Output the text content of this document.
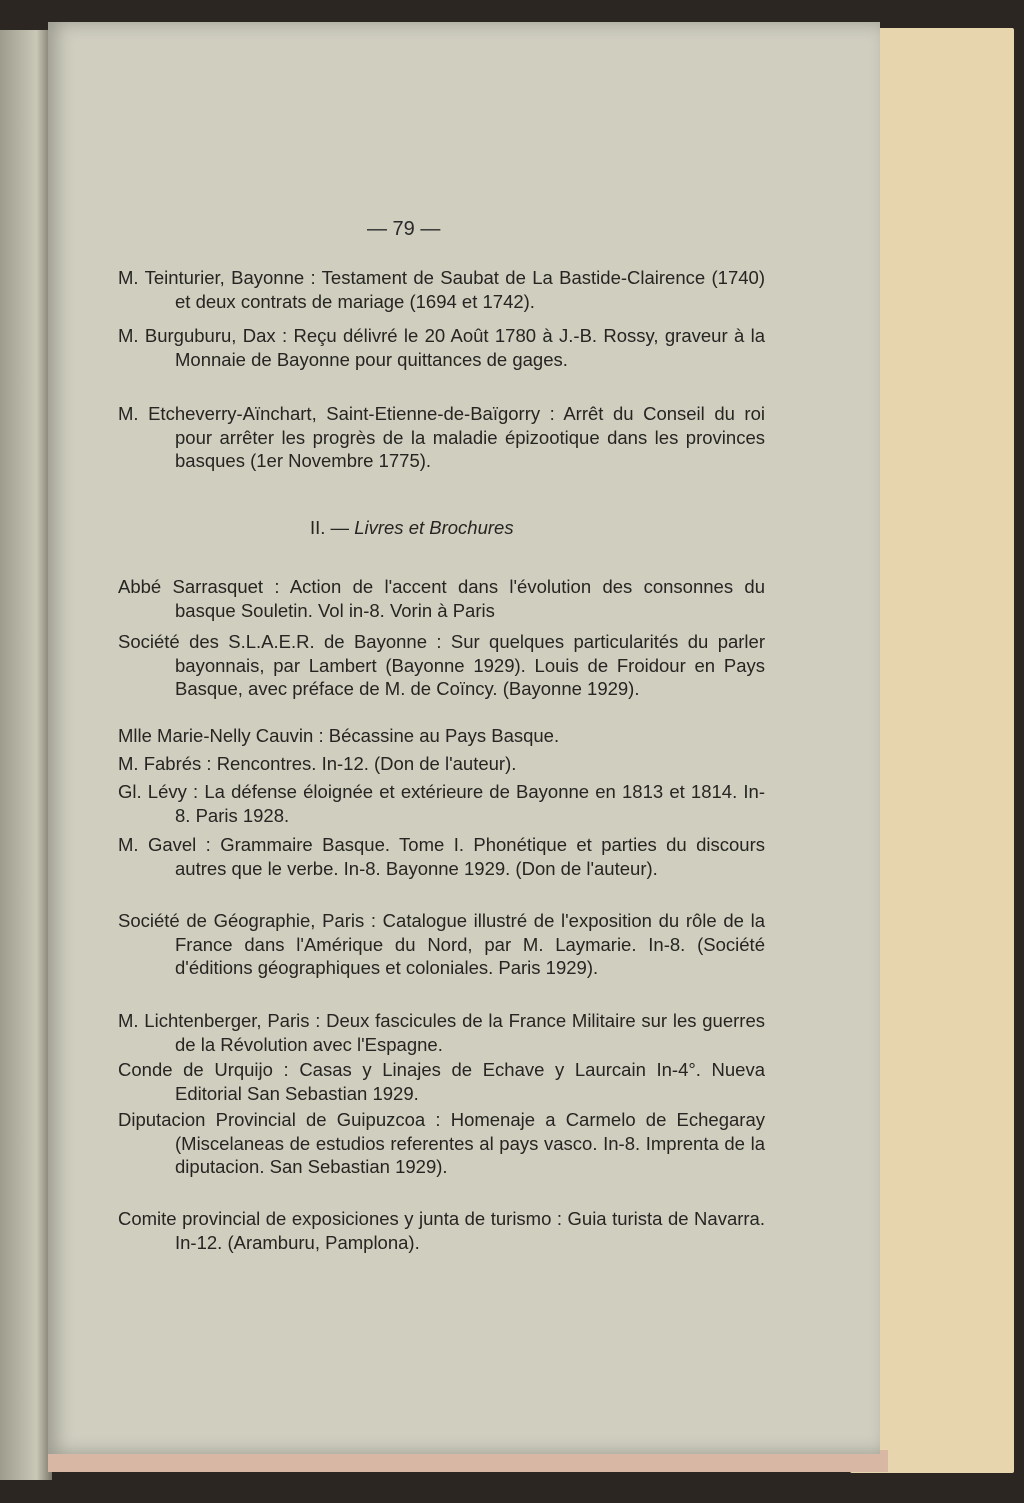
— 79 —
M. Teinturier, Bayonne : Testament de Saubat de La Bastide-Clairence (1740) et deux contrats de mariage (1694 et 1742).
M. Burguburu, Dax : Reçu délivré le 20 Août 1780 à J.-B. Rossy, graveur à la Monnaie de Bayonne pour quittances de gages.
M. Etcheverry-Aïnchart, Saint-Etienne-de-Baïgorry : Arrêt du Conseil du roi pour arrêter les progrès de la maladie épizootique dans les provinces basques (1er Novembre 1775).
II. — Livres et Brochures
Abbé Sarrasquet : Action de l'accent dans l'évolution des consonnes du basque Souletin. Vol in-8. Vorin à Paris
Société des S.L.A.E.R. de Bayonne : Sur quelques particularités du parler bayonnais, par Lambert (Bayonne 1929). Louis de Froidour en Pays Basque, avec préface de M. de Coïncy. (Bayonne 1929).
Mlle Marie-Nelly Cauvin : Bécassine au Pays Basque.
M. Fabrés : Rencontres. In-12. (Don de l'auteur).
Gl. Lévy : La défense éloignée et extérieure de Bayonne en 1813 et 1814. In-8. Paris 1928.
M. Gavel : Grammaire Basque. Tome I. Phonétique et parties du discours autres que le verbe. In-8. Bayonne 1929. (Don de l'auteur).
Société de Géographie, Paris : Catalogue illustré de l'exposition du rôle de la France dans l'Amérique du Nord, par M. Laymarie. In-8. (Société d'éditions géographiques et coloniales. Paris 1929).
M. Lichtenberger, Paris : Deux fascicules de la France Militaire sur les guerres de la Révolution avec l'Espagne.
Conde de Urquijo : Casas y Linajes de Echave y Laurcain In-4°. Nueva Editorial San Sebastian 1929.
Diputacion Provincial de Guipuzcoa : Homenaje a Carmelo de Echegaray (Miscelaneas de estudios referentes al pays vasco. In-8. Imprenta de la diputacion. San Sebastian 1929).
Comite provincial de exposiciones y junta de turismo : Guia turista de Navarra. In-12. (Aramburu, Pamplona).
